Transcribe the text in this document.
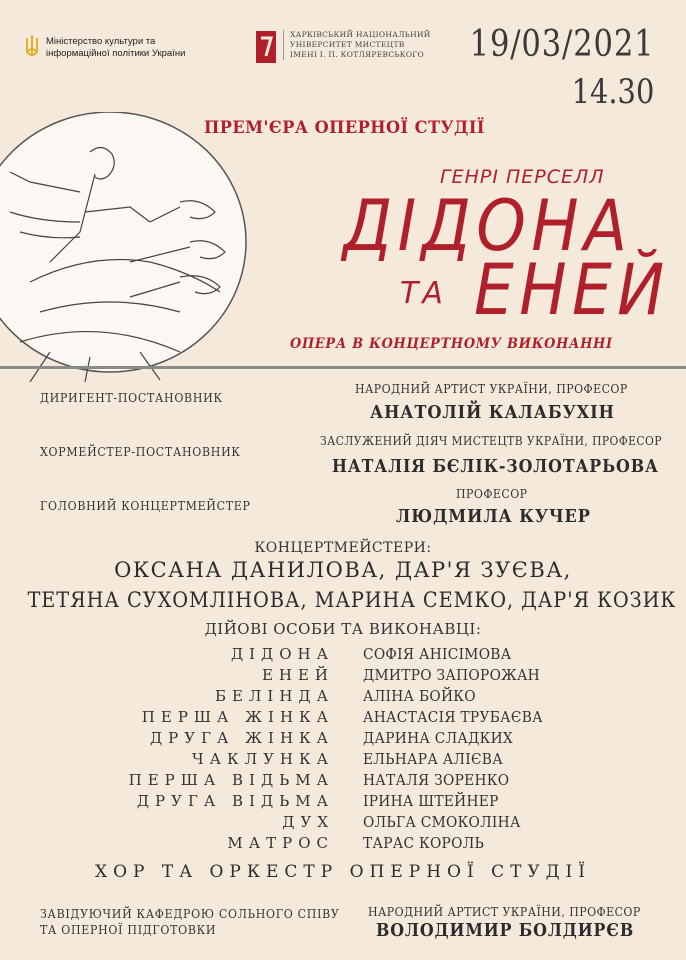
Міністерство культури та
інформаційної політики України
ХАРКІВСЬКИЙ НАЦІОНАЛЬНИЙ
УНІВЕРСИТЕТ МИСТЕЦТВ
ІМЕНІ І. П. КОТЛЯРЕВСЬКОГО 19/03/2021
14.30
ПРЕМ'ЄРА ОПЕРНОЇ СТУДІЇ
ГЕНРІ ПЕРСЕЛЛ
ДІДОНА
ТА ЕНЕЙ
ОПЕРА В КОНЦЕРТНОМУ ВИКОНАННІ
ДИРИГЕНТ-ПОСТАНОВНИК
НАРОДНИЙ АРТИСТ УКРАЇНИ, ПРОФЕСОР
АНАТОЛІЙ КАЛАБУХІН
ХОРМЕЙСТЕР-ПОСТАНОВНИК
ЗАСЛУЖЕНИЙ ДІЯЧ МИСТЕЦТВ УКРАЇНИ, ПРОФЕСОР
НАТАЛІЯ БЄЛІК-ЗОЛОТАРЬОВА
ГОЛОВНИЙ КОНЦЕРТМЕЙСТЕР
ПРОФЕСОР
ЛЮДМИЛА КУЧЕР
КОНЦЕРТМЕЙСТЕРИ:
ОКСАНА ДАНИЛОВА, ДАР'Я ЗУЄВА,
ТЕТЯНА СУХОМЛІНОВА, МАРИНА СЕМКО, ДАР'Я КОЗИК
ДІЙОВІ ОСОБИ ТА ВИКОНАВЦІ:
ДІДОНА СОФІЯ АНІСІМОВА
ЕНЕЙ ДМИТРО ЗАПОРОЖАН
БЕЛІНДА АЛІНА БОЙКО
ПЕРША ЖІНКА АНАСТАСІЯ ТРУБАЄВА
ДРУГА ЖІНКА ДАРИНА СЛАДКИХ
ЧАКЛУНКА ЕЛЬНАРА АЛІЄВА
ПЕРША ВІДЬМА НАТАЛЯ ЗОРЕНКО
ДРУГА ВІДЬМА ІРИНА ШТЕЙНЕР
ДУХ ОЛЬГА СМОКОЛІНА
МАТРОС ТАРАС КОРОЛЬ
ХОР ТА ОРКЕСТР ОПЕРНОЇ СТУДІЇ
ЗАВІДУЮЧИЙ КАФЕДРОЮ СОЛЬНОГО СПІВУ
ТА ОПЕРНОЇ ПІДГОТОВКИ
НАРОДНИЙ АРТИСТ УКРАЇНИ, ПРОФЕСОР
ВОЛОДИМИР БОЛДИРЄВ
